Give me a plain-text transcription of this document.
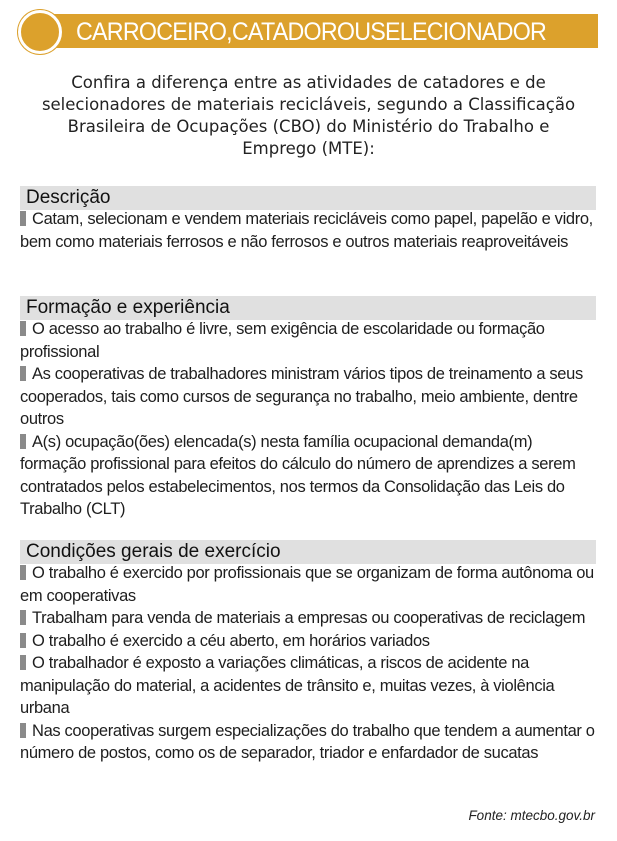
CARROCEIRO,CATADOROUSELECIONADOR
Confira a diferença entre as atividades de catadores e de selecionadores de materiais recicláveis, segundo a Classificação Brasileira de Ocupações (CBO) do Ministério do Trabalho e Emprego (MTE):
Descrição

Catam, selecionam e vendem materiais recicláveis como papel, papelão e vidro, bem como materiais ferrosos e não ferrosos e outros materiais reaproveitáveis

Formação e experiência

O acesso ao trabalho é livre, sem exigência de escolaridade ou formação profissional

As cooperativas de trabalhadores ministram vários tipos de treinamento a seus cooperados, tais como cursos de segurança no trabalho, meio ambiente, dentre outros

A(s) ocupação(ões) elencada(s) nesta família ocupacional demanda(m) formação profissional para efeitos do cálculo do número de aprendizes a serem contratados pelos estabelecimentos, nos termos da Consolidação das Leis do Trabalho (CLT)

Condições gerais de exercício

O trabalho é exercido por profissionais que se organizam de forma autônoma ou em cooperativas

Trabalham para venda de materiais a empresas ou cooperativas de reciclagem

O trabalho é exercido a céu aberto, em horários variados

O trabalhador é exposto a variações climáticas, a riscos de acidente na manipulação do material, a acidentes de trânsito e, muitas vezes, à violência urbana

Nas cooperativas surgem especializações do trabalho que tendem a aumentar o número de postos, como os de separador, triador e enfardador de sucatas

Fonte: mtecbo.gov.br
